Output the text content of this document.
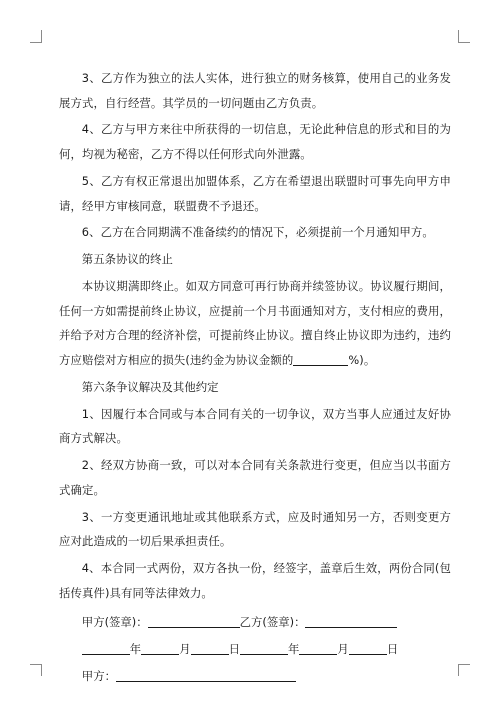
3、乙方作为独立的法人实体，进行独立的财务核算，使用自己的业务发展方式，自行经营。其学员的一切问题由乙方负责。

4、乙方与甲方来往中所获得的一切信息，无论此种信息的形式和目的为何，均视为秘密，乙方不得以任何形式向外泄露。

5、乙方有权正常退出加盟体系，乙方在希望退出联盟时可事先向甲方申请，经甲方审核同意，联盟费不予退还。

6、乙方在合同期满不准备续约的情况下，必须提前一个月通知甲方。

第五条协议的终止

本协议期满即终止。如双方同意可再行协商并续签协议。协议履行期间，任何一方如需提前终止协议，应提前一个月书面通知对方，支付相应的费用，并给予对方合理的经济补偿，可提前终止协议。擅自终止协议即为违约，违约方应赔偿对方相应的损失(违约金为协议金额的	%)。

第六条争议解决及其他约定

1、因履行本合同或与本合同有关的一切争议，双方当事人应通过友好协商方式解决。

2、经双方协商一致，可以对本合同有关条款进行变更，但应当以书面方式确定。

3、一方变更通讯地址或其他联系方式，应及时通知另一方，否则变更方应对此造成的一切后果承担责任。

4、本合同一式两份，双方各执一份，经签字，盖章后生效，两份合同(包括传真件)具有同等法律效力。

甲方(签章)：	乙方(签章)：

年	月	日	年	月	日

甲方：
